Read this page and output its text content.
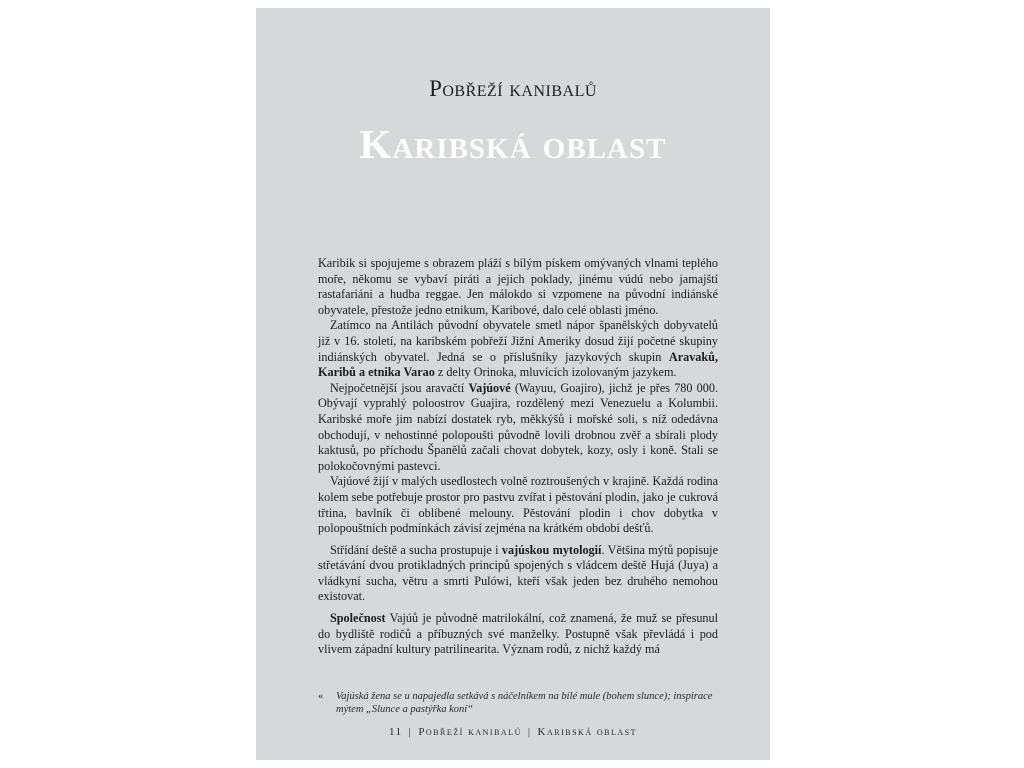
Pobřeží kanibalů
Karibská oblast

Karibik si spojujeme s obrazem pláží s bílým pískem omývaných vlnami teplého moře, někomu se vybaví piráti a jejich poklady, jinému vúdú nebo jamajští rastafariáni a hudba reggae. Jen málokdo si vzpomene na původní indiánské obyvatele, přestože jedno etnikum, Karibové, dalo celé oblasti jméno.

Zatímco na Antilách původní obyvatele smetl nápor španělských dobyvatelů již v 16. století, na karibském pobřeží Jižní Ameriky dosud žijí početné skupiny indiánských obyvatel. Jedná se o příslušníky jazykových skupin Aravaků, Karibů a etnika Varao z delty Orinoka, mluvících izolovaným jazykem.

Nejpočetnější jsou aravačtí Vajúové (Wayuu, Goajiro), jichž je přes 780 000. Obývají vyprahlý poloostrov Guajira, rozdělený mezi Venezuelu a Kolumbii. Karibské moře jim nabízí dostatek ryb, měkkýšů i mořské soli, s níž odedávna obchodují, v nehostinné polopoušti původně lovili drobnou zvěř a sbírali plody kaktusů, po příchodu Španělů začali chovat dobytek, kozy, osly i koně. Stali se polokočovnými pastevci.

Vajúové žijí v malých usedlostech volně roztroušených v krajině. Každá rodina kolem sebe potřebuje prostor pro pastvu zvířat i pěstování plodin, jako je cukrová třtina, bavlník či oblíbené melouny. Pěstování plodin i chov dobytka v polopouštních podmínkách závisí zejména na krátkém období dešťů.

Střídání deště a sucha prostupuje i vajúskou mytologií. Většina mýtů popisuje střetávání dvou protikladných principů spojených s vládcem deště Hujá (Juya) a vládkyní sucha, větru a smrti Pulówi, kteří však jeden bez druhého nemohou existovat.

Společnost Vajúů je původně matrilokální, což znamená, že muž se přesunul do bydliště rodičů a příbuzných své manželky. Postupně však převládá i pod vlivem západní kultury patrilinearita. Význam rodů, z nichž každý má

«	Vajúská žena se u napajedla setkává s náčelníkem na bílé mule (bohem slunce); inspirace mýtem „Slunce a pastýřka koní“
11 | Pobřeží kanibalů | Karibská oblast
